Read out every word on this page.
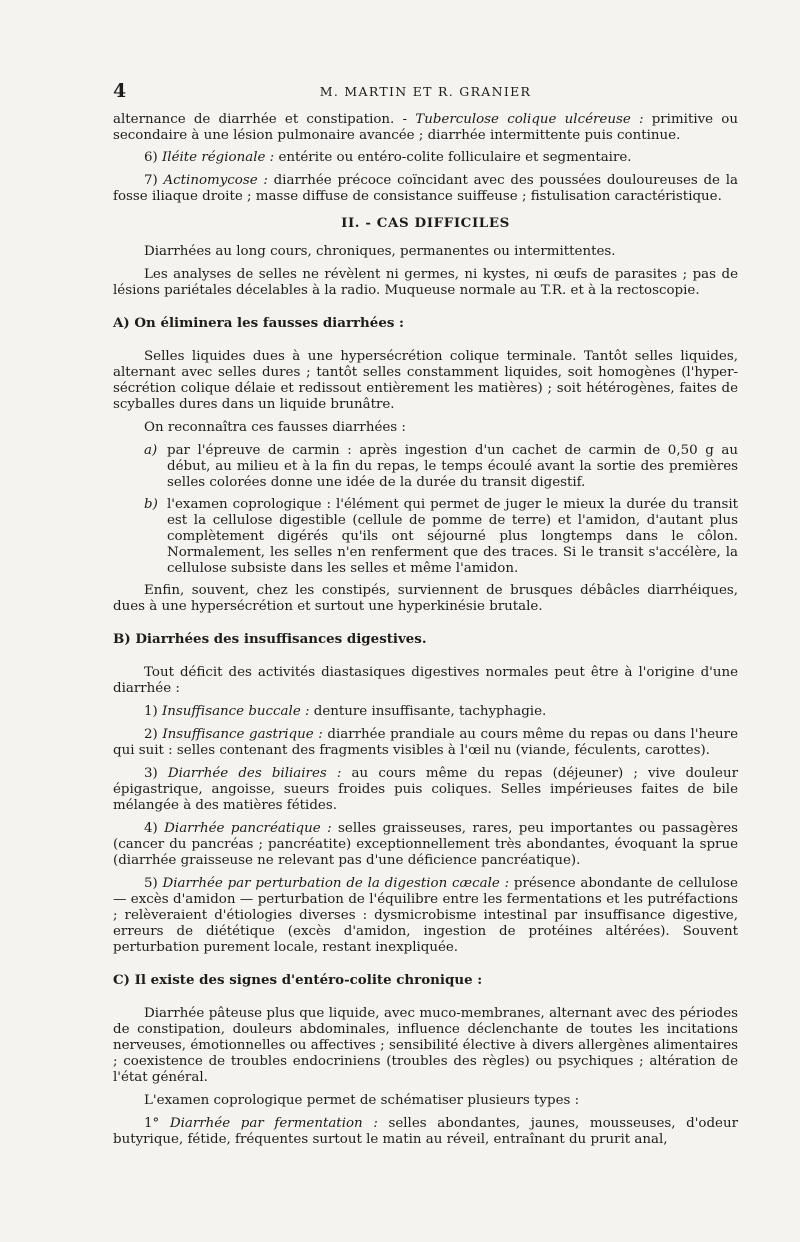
4	M. MARTIN ET R. GRANIER

alternance de diarrhée et constipation. - Tuberculose colique ulcéreuse : primitive ou secondaire à une lésion pulmonaire avancée ; diarrhée intermittente puis continue.

6) Iléite régionale : entérite ou entéro-colite folliculaire et segmentaire.

7) Actinomycose : diarrhée précoce coïncidant avec des poussées douloureuses de la fosse iliaque droite ; masse diffuse de consistance suiffeuse ; fistulisation caractéristique.

II. - CAS DIFFICILES

Diarrhées au long cours, chroniques, permanentes ou intermittentes.

Les analyses de selles ne révèlent ni germes, ni kystes, ni œufs de parasites ; pas de lésions pariétales décelables à la radio. Muqueuse normale au T.R. et à la rectoscopie.

A) On éliminera les fausses diarrhées :

Selles liquides dues à une hypersécrétion colique terminale. Tantôt selles liquides, alternant avec selles dures ; tantôt selles constamment liquides, soit homogènes (l'hyper-sécrétion colique délaie et redissout entièrement les matières) ; soit hétérogènes, faites de scyballes dures dans un liquide brunâtre.

On reconnaîtra ces fausses diarrhées :

a) par l'épreuve de carmin : après ingestion d'un cachet de carmin de 0,50 g au début, au milieu et à la fin du repas, le temps écoulé avant la sortie des premières selles colorées donne une idée de la durée du transit digestif.
b) l'examen coprologique : l'élément qui permet de juger le mieux la durée du transit est la cellulose digestible (cellule de pomme de terre) et l'amidon, d'autant plus complètement digérés qu'ils ont séjourné plus longtemps dans le côlon. Normalement, les selles n'en renferment que des traces. Si le transit s'accélère, la cellulose subsiste dans les selles et même l'amidon.

Enfin, souvent, chez les constipés, surviennent de brusques débâcles diarrhéiques, dues à une hypersécrétion et surtout une hyperkinésie brutale.

B) Diarrhées des insuffisances digestives.

Tout déficit des activités diastasiques digestives normales peut être à l'origine d'une diarrhée :

1) Insuffisance buccale : denture insuffisante, tachyphagie.

2) Insuffisance gastrique : diarrhée prandiale au cours même du repas ou dans l'heure qui suit : selles contenant des fragments visibles à l'œil nu (viande, féculents, carottes).

3) Diarrhée des biliaires : au cours même du repas (déjeuner) ; vive douleur épigastrique, angoisse, sueurs froides puis coliques. Selles impérieuses faites de bile mélangée à des matières fétides.

4) Diarrhée pancréatique : selles graisseuses, rares, peu importantes ou passagères (cancer du pancréas ; pancréatite) exceptionnellement très abondantes, évoquant la sprue (diarrhée graisseuse ne relevant pas d'une déficience pancréatique).

5) Diarrhée par perturbation de la digestion cæcale : présence abondante de cellulose — excès d'amidon — perturbation de l'équilibre entre les fermentations et les putréfactions ; relèveraient d'étiologies diverses : dysmicrobisme intestinal par insuffisance digestive, erreurs de diététique (excès d'amidon, ingestion de protéines altérées). Souvent perturbation purement locale, restant inexpliquée.

C) Il existe des signes d'entéro-colite chronique :

Diarrhée pâteuse plus que liquide, avec muco-membranes, alternant avec des périodes de constipation, douleurs abdominales, influence déclenchante de toutes les incitations nerveuses, émotionnelles ou affectives ; sensibilité élective à divers allergènes alimentaires ; coexistence de troubles endocriniens (troubles des règles) ou psychiques ; altération de l'état général.

L'examen coprologique permet de schématiser plusieurs types :

1° Diarrhée par fermentation : selles abondantes, jaunes, mousseuses, d'odeur butyrique, fétide, fréquentes surtout le matin au réveil, entraînant du prurit anal,
